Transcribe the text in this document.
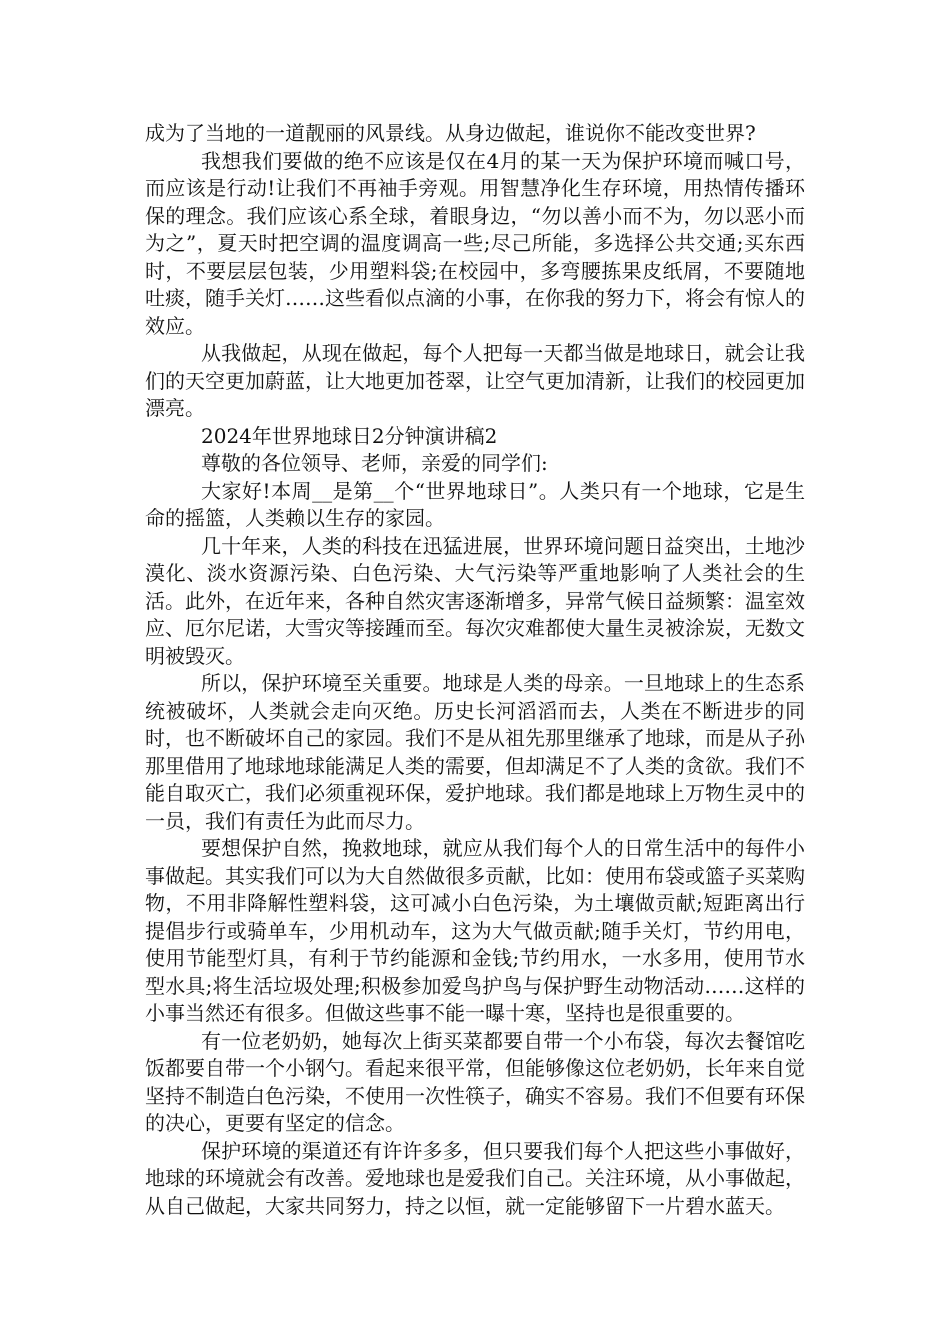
成为了当地的一道靓丽的风景线。从身边做起，谁说你不能改变世界?

我想我们要做的绝不应该是仅在4月的某一天为保护环境而喊口号，而应该是行动!让我们不再袖手旁观。用智慧净化生存环境，用热情传播环保的理念。我们应该心系全球，着眼身边，“勿以善小而不为，勿以恶小而为之”，夏天时把空调的温度调高一些;尽己所能，多选择公共交通;买东西时，不要层层包装，少用塑料袋;在校园中，多弯腰拣果皮纸屑，不要随地吐痰，随手关灯……这些看似点滴的小事，在你我的努力下，将会有惊人的效应。

从我做起，从现在做起，每个人把每一天都当做是地球日，就会让我们的天空更加蔚蓝，让大地更加苍翠，让空气更加清新，让我们的校园更加漂亮。

2024年世界地球日2分钟演讲稿2

尊敬的各位领导、老师，亲爱的同学们:

大家好!本周__是第__个“世界地球日”。人类只有一个地球，它是生命的摇篮，人类赖以生存的家园。

几十年来，人类的科技在迅猛进展，世界环境问题日益突出，土地沙漠化、淡水资源污染、白色污染、大气污染等严重地影响了人类社会的生活。此外，在近年来，各种自然灾害逐渐增多，异常气候日益频繁：温室效应、厄尔尼诺，大雪灾等接踵而至。每次灾难都使大量生灵被涂炭，无数文明被毁灭。

所以，保护环境至关重要。地球是人类的母亲。一旦地球上的生态系统被破坏，人类就会走向灭绝。历史长河滔滔而去，人类在不断进步的同时，也不断破坏自己的家园。我们不是从祖先那里继承了地球，而是从子孙那里借用了地球地球能满足人类的需要，但却满足不了人类的贪欲。我们不能自取灭亡，我们必须重视环保，爱护地球。我们都是地球上万物生灵中的一员，我们有责任为此而尽力。

要想保护自然，挽救地球，就应从我们每个人的日常生活中的每件小事做起。其实我们可以为大自然做很多贡献，比如：使用布袋或篮子买菜购物，不用非降解性塑料袋，这可减小白色污染，为土壤做贡献;短距离出行提倡步行或骑单车，少用机动车，这为大气做贡献;随手关灯，节约用电，使用节能型灯具，有利于节约能源和金钱;节约用水，一水多用，使用节水型水具;将生活垃圾处理;积极参加爱鸟护鸟与保护野生动物活动……这样的小事当然还有很多。但做这些事不能一曝十寒，坚持也是很重要的。

有一位老奶奶，她每次上街买菜都要自带一个小布袋，每次去餐馆吃饭都要自带一个小钢勺。看起来很平常，但能够像这位老奶奶，长年来自觉坚持不制造白色污染，不使用一次性筷子，确实不容易。我们不但要有环保的决心，更要有坚定的信念。

保护环境的渠道还有许许多多，但只要我们每个人把这些小事做好，地球的环境就会有改善。爱地球也是爱我们自己。关注环境，从小事做起，从自己做起，大家共同努力，持之以恒，就一定能够留下一片碧水蓝天。
